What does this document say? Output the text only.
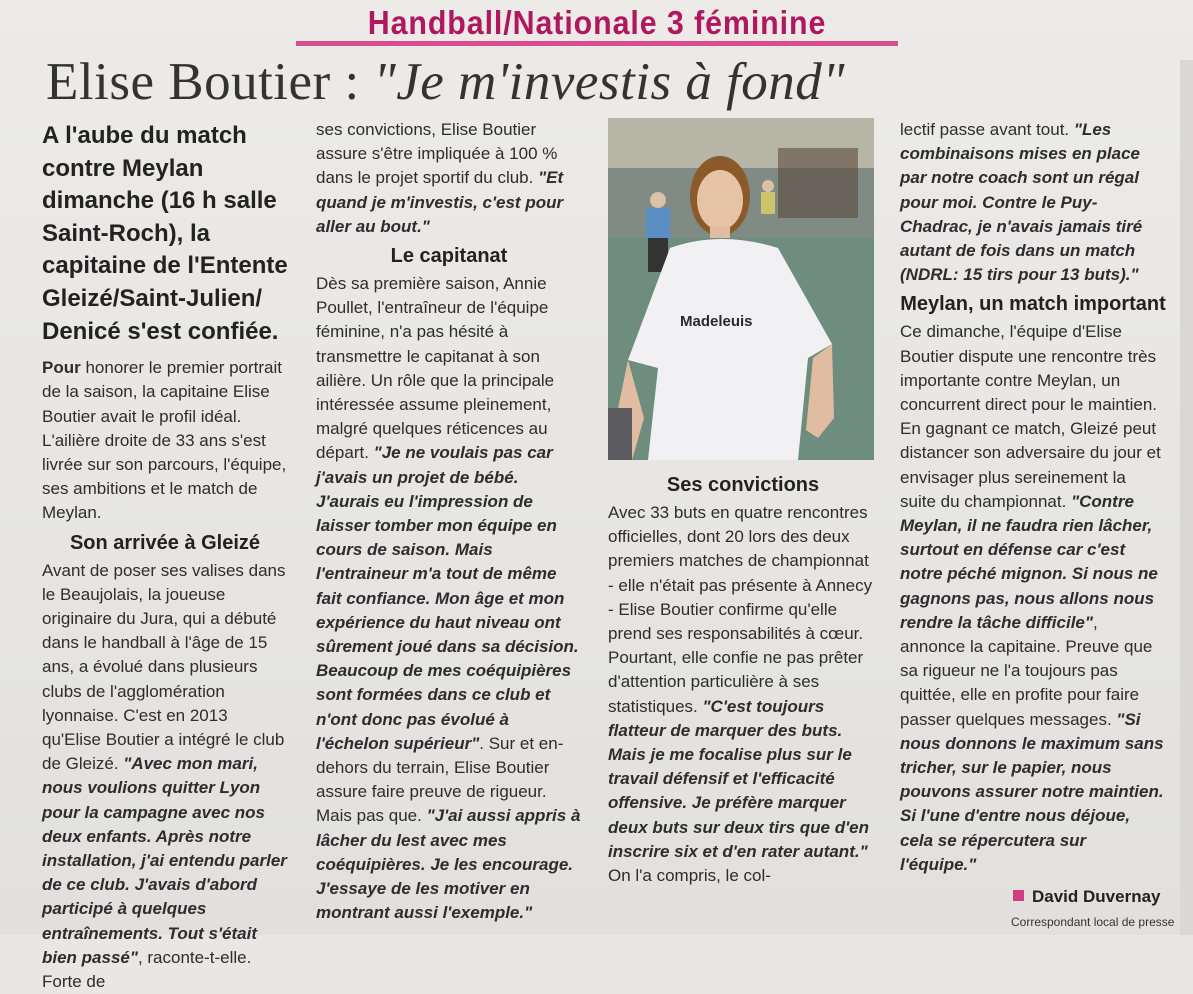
Handball/Nationale 3 féminine
Elise Boutier : "Je m'investis à fond"
A l'aube du match contre Meylan dimanche (16 h salle Saint-Roch), la capitaine de l'Entente Gleizé/Saint-Julien/ Denicé s'est confiée.
Pour honorer le premier portrait de la saison, la capitaine Elise Boutier avait le profil idéal. L'ailière droite de 33 ans s'est livrée sur son parcours, l'équipe, ses ambitions et le match de Meylan.
Son arrivée à Gleizé
Avant de poser ses valises dans le Beaujolais, la joueuse originaire du Jura, qui a débuté dans le handball à l'âge de 15 ans, a évolué dans plusieurs clubs de l'agglomération lyonnaise. C'est en 2013 qu'Elise Boutier a intégré le club de Gleizé. "Avec mon mari, nous voulions quitter Lyon pour la campagne avec nos deux enfants. Après notre installation, j'ai entendu parler de ce club. J'avais d'abord participé à quelques entraînements. Tout s'était bien passé", raconte-t-elle. Forte de
ses convictions, Elise Boutier assure s'être impliquée à 100 % dans le projet sportif du club. "Et quand je m'investis, c'est pour aller au bout."
Le capitanat
Dès sa première saison, Annie Poullet, l'entraîneur de l'équipe féminine, n'a pas hésité à transmettre le capitanat à son ailière. Un rôle que la principale intéressée assume pleinement, malgré quelques réticences au départ. "Je ne voulais pas car j'avais un projet de bébé. J'aurais eu l'impression de laisser tomber mon équipe en cours de saison. Mais l'entraineur m'a tout de même fait confiance. Mon âge et mon expérience du haut niveau ont sûrement joué dans sa décision. Beaucoup de mes coéquipières sont formées dans ce club et n'ont donc pas évolué à l'échelon supérieur". Sur et en-dehors du terrain, Elise Boutier assure faire preuve de rigueur. Mais pas que. "J'ai aussi appris à lâcher du lest avec mes coéquipières. Je les encourage. J'essaye de les motiver en montrant aussi l'exemple."
Madeleuis
Ses convictions
Avec 33 buts en quatre rencontres officielles, dont 20 lors des deux premiers matches de championnat - elle n'était pas présente à Annecy - Elise Boutier confirme qu'elle prend ses responsabilités à cœur. Pourtant, elle confie ne pas prêter d'attention particulière à ses statistiques. "C'est toujours flatteur de marquer des buts. Mais je me focalise plus sur le travail défensif et l'efficacité offensive. Je préfère marquer deux buts sur deux tirs que d'en inscrire six et d'en rater autant." On l'a compris, le col-
lectif passe avant tout. "Les combinaisons mises en place par notre coach sont un régal pour moi. Contre le Puy-Chadrac, je n'avais jamais tiré autant de fois dans un match (NDRL: 15 tirs pour 13 buts)."
Meylan, un match important
Ce dimanche, l'équipe d'Elise Boutier dispute une rencontre très importante contre Meylan, un concurrent direct pour le maintien. En gagnant ce match, Gleizé peut distancer son adversaire du jour et envisager plus sereinement la suite du championnat. "Contre Meylan, il ne faudra rien lâcher, surtout en défense car c'est notre péché mignon. Si nous ne gagnons pas, nous allons nous rendre la tâche difficile", annonce la capitaine. Preuve que sa rigueur ne l'a toujours pas quittée, elle en profite pour faire passer quelques messages. "Si nous donnons le maximum sans tricher, sur le papier, nous pouvons assurer notre maintien. Si l'une d'entre nous déjoue, cela se répercutera sur l'équipe."
David Duvernay
Correspondant local de presse
